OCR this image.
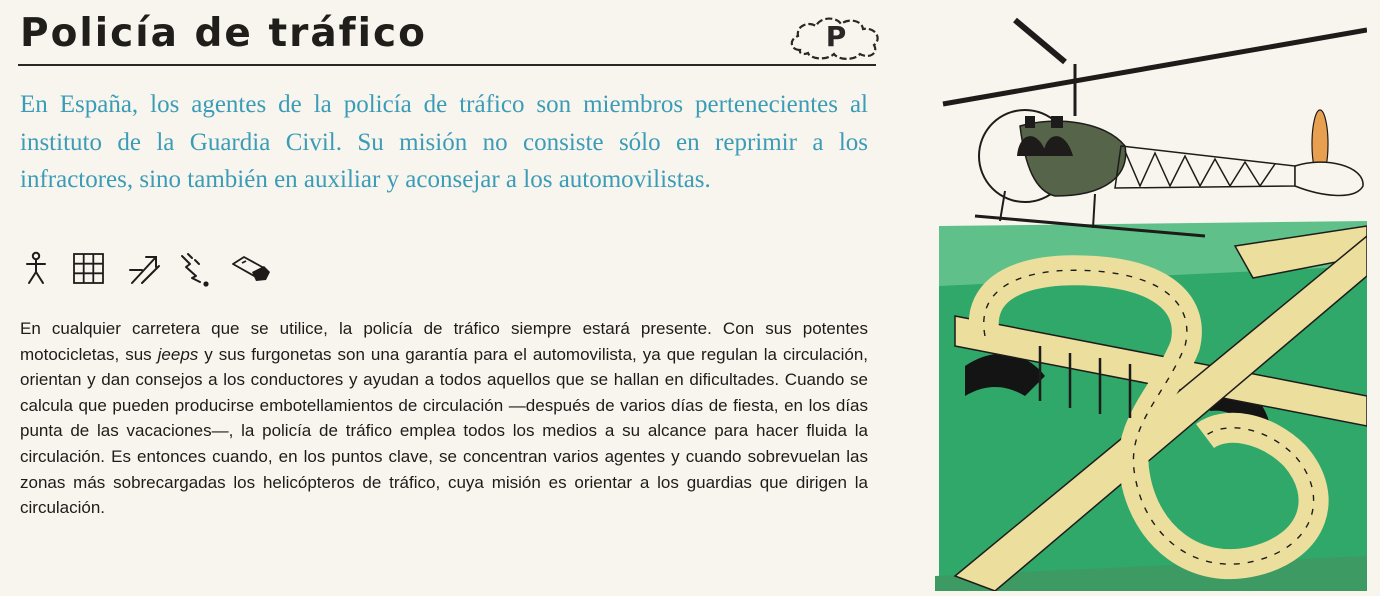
Policía de tráfico	P

En España, los agentes de la policía de tráfico son miembros pertenecientes al instituto de la Guardia Civil. Su misión no consiste sólo en reprimir a los infractores, sino también en auxiliar y aconsejar a los automovilistas.

En cualquier carretera que se utilice, la policía de tráfico siempre estará presente. Con sus potentes motocicletas, sus jeeps y sus furgonetas son una garantía para el automovilista, ya que regulan la circulación, orientan y dan consejos a los conductores y ayudan a todos aquellos que se hallan en dificultades. Cuando se calcula que pueden producirse embotellamientos de circulación —después de varios días de fiesta, en los días punta de las vacaciones—, la policía de tráfico emplea todos los medios a su alcance para hacer fluida la circulación. Es entonces cuando, en los puntos clave, se concentran varios agentes y cuando sobrevuelan las zonas más sobrecargadas los helicópteros de tráfico, cuya misión es orientar a los guardias que dirigen la circulación.
